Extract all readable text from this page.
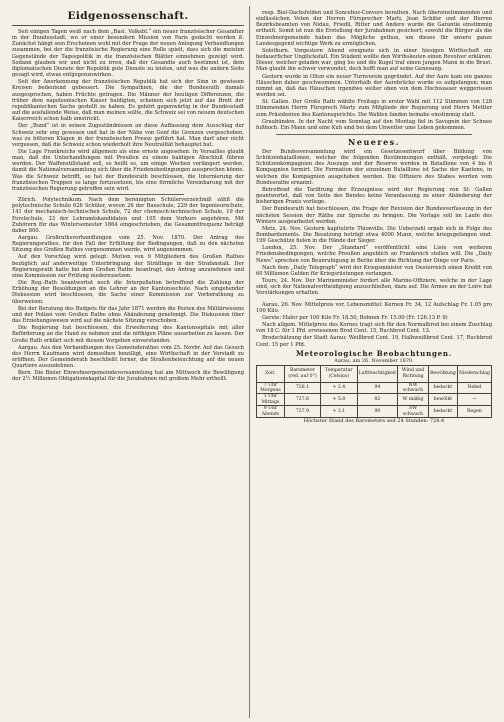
Eidgenossenschaft.

Seit einigen Tagen weiß nach dem „Basl. Volksbl.“ ein neuer französischer Gesandter in der Bundesstadt, wo er einer besondern Mission von Paris gedacht werden ß. Zunächst hängt sein Erscheinen wohl mit der Frage der neuen Anlegung Verhandlungen zusammen, bei der die französische Regierung eine Rolle spielt, dass sich die meisten Gegenstände der Tagespolitik in die französischen Blätter einnehmen gezeigt wird. Sodann glauben wir und nicht zu irren, daß der Gesandte auch bestimmt ist, dem diplomatischen Dienste der Republik gute Dienste zu leisten, und was die andern Seite gesagt wird, etwas entgegenzuwirken.

Seit der Anerkennung der französischen Republik hat sich der Sinn in gewissen Kreisen bedeutend gebessert. Die Sympathien, die der Bundesrath damals ausgesprochen, haben Früchte getragen. Die Männer der heutigen Differenzen, die früher dem napoleonischen Kaiser huldigten, scheinen sich jetzt auf das Brett der republikanischen Sache gestellt zu haben. Es gehört gegenwärtig in der Bundesstadt auf die ausfallende Weise, daß man meinen sollte, die Schweiz sei von neuem deutschen Kaiserreich schon halb umstrickt.

Der „Bund“ ist in seinen Zugeständnissen an diese Auffassung dem Ausschlag der Schweiz sehr eng gewesen und hat in der Nähe von Genf die Grenzen vorgeschoben, was zu bitteren Klagen in der französischen Presse geführt hat. Man darf aber nicht vergessen, daß die Schweiz schon wiederholt ihre Neutralität behauptet hat.

Die Lage Frankreichs wird allgemein als eine ernste angesehen. In Versailles glaubt man, daß die Unterhandlungen mit Preußen zu einem baldigen Abschluß führen werden. Der Waffenstillstand soll, so heißt es, um einige Wochen verlängert werden, damit die Nationalversammlung sich über die Friedensbedingungen aussprechen könne. Was die Schweiz betrifft, so hat der Bundesrath beschlossen, die Internierung der französischen Truppen so lange fortzusetzen, bis eine förmliche Vereinbarung mit der französischen Regierung getroffen sein wird.

Zürich. Polytechnikum. Nach dem bereinigten Schülerverzeichniß zählt die polytechnische Schule 626 Schüler, wovon 26 der Bauschule, 229 der Ingenieurschule, 141 der mechanisch-technischen Schule, 72 der chemisch-technischen Schule, 19 der Forstschule, 33 der Lehramtskandidaten und 105 dem Vorkurs angehören. Mit Zuhörern für das Wintersemester 1864 eingeschrieben, die Gesammtfrequenz beträgt daher 800.

Aargau. Großrathsverhandlungen vom 25. Nov. 1870. Der Antrag des Regierungsrathes, für den Fall der Erfüllung der Bedingungen, daß zu den nächsten Sitzung des Großen Rathes vorgenommen werde, wird angenommen.

Auf den Vorschlag wird gelegt: Motion von 9 Mitgliedern des Großen Rathes bezüglich auf anderweitige Unterbringung der Sträflinge in der Strafanstalt. Der Regierungsrath hatte bei dem Großen Rathe beantragt, den Antrag anzunehmen und eine Kommission zur Prüfung niederzusetzen.

Die Reg.-Rath beantwortet noch die Interpellation betreffend die Zahlung der Erhöhung der Besoldungen an die Lehrer an der Kantonsschule. Nach eingehender Diskussion wird beschlossen, die Sache einer Kommission zur Vorberathung zu überweisen.

Bei der Beratung des Budgets für das Jahr 1871 werden die Posten des Militärwesens und der Polizei vom Großen Rathe ohne Abänderung genehmigt. Die Diskussion über das Erziehungswesen wird auf die nächste Sitzung verschoben.

Die Regierung hat beschlossen, die Erweiterung des Kantonsspitals mit aller Beförderung an die Hand zu nehmen und die nöthigen Pläne ausarbeiten zu lassen. Der Große Rath erklärt sich mit diesem Vorgehen einverstanden.

Aargau. Aus den Verhandlungen des Gemeinderathes vom 25. Novbr. Auf das Gesuch des Herrn Kaufmann wird demselben bewilligt, eine Wirthschaft in der Vorstadt zu eröffnen. Der Gemeinderath beschließt ferner, die Straßenbeleuchtung auf die neuen Quartiere auszudehnen.

Bern. Die Bieler Einwohnergemeindeversammlung hat am Mittwoch die Bewilligung der 2½ Millionen Obligationskapital für die Jurabahnen mit großem Mehr ertheilt.

resp. Biel-Dachsfelden und Sonceboz-Convers berathen. Nach übereinstimmenden und einlässlichen Voten der Herren Fürsprecher Marti, Jean Schifer und der Herren Bezirksbeamten von Nidau, Friedli, Ritter und Andere wurde die Garantie einstimmig ertheilt. Somit ist nun die Erstellung der Jurabahnen gesichert; sowohl die Bürger als die Einwohnergemeinde haben das Mögliche gethan, um dieses für unsere ganze Landesgegend wichtige Werk zu ermöglichen.

Solothurn. Vorgestern Abend ereignete sich in einer hiesigen Wirthschaft ein bedauerlicher Unglücksfall. Ein Student wollte den Wirthsleuten einen Revolver erklären. Dieser, welcher geladen war, ging los und die Kugel traf einen jungen Mann in die Brust. Man glaubt ihn schwer verwundet, doch hofft man auf seine Genesung.

Gestern wurde in Olten ein neuer Turnverein gegründet. Auf der Aare kam ein ganzes Häuschen daher geschwommen. Unterhalb der Aarebrücke wurde es aufgefangen; man nimmt an, daß das Häuschen irgendwo weiter oben von dem Hochwasser weggerissen worden sei.

St. Gallen. Der Große Rath wählte Freitags in erster Wahl mit 112 Stimmen von 128 Stimmenden Herrn Fürsprech Marty zum Mitgliede der Regierung und Herrn Mettler zum Präsidenten des Kantonsgerichts. Die Wahlen fanden beinahe einstimmig statt.

Graubünden. In der Nacht vom Sonntag auf den Montag fiel in Savognin der Schnee fußhoch. Ein Mann und eine Kuh sind bei dem Unwetter ums Leben gekommen.

Neueres.

Der Bundesversammlung wird ein Gesetzesentwurf über Bildung von Schützenbataillonen, welcher die folgenden Bestimmungen enthält, vorgelegt: Die Schützenkompagnien des Auszugs und der Reserve werden in Bataillone von 4 bis 6 Kompagnien formirt. Die Formation der einzelnen Bataillone ist Sache der Kantone, in welchen die Kompagnien ausgehoben werden. Die Offiziere des Stabes werden vom Bundesrathe ernannt.

Betreffend die Tarifirung der Erzeugnisse wird der Regierung von St. Gallen geantwortet, daß von Seite des Bundes keine Veranlassung zu einer Abänderung der bisherigen Praxis vorliege.

Der Bundesrath hat beschlossen, die Frage der Revision der Bundesverfassung in der nächsten Session der Räthe zur Sprache zu bringen. Die Vorlage soll im Laufe des Winters ausgearbeitet werden.

Metz, 24. Nov. Gestern kapitulirte Thionville. Die Ueberzahl ergab sich in Folge des Bombardements. Die Besatzung beträgt etwa 4000 Mann, welche kriegsgefangen sind. 199 Geschütze fielen in die Hände der Sieger.

London, 25. Nov. Der „Standard“ veröffentlicht eine Liste von weiteren Friedensbedingungen, welche Preußen angeblich an Frankreich stellen will. Die „Daily News“ sprechen von Beunruhigung in Berlin über die Richtung der Dinge vor Paris.

Nach dem „Daily Telegraph“ wird der Kriegsminister von Oesterreich einen Kredit von 60 Millionen Gulden für Kriegsrüstungen verlangen.

Tours, 24. Nov. Der Marineminister fordert alle Marine-Offiziere, welche in der Lage sind, sich der Nationalvertheidigung anzuschließen, dazu auf. Die Armee an der Loire hat Verstärkungen erhalten.

Aarau, 26. Nov. Mittelpreis vor, Lebensmittel: Kernen Fr. 34, 12 Aufschlag Fr. 1.05 pro 100 Kilo.

Gerste: Hafer per 100 Kilo Fr. 18.50, Bohnen Fr. 15.00 (Fr. 126.13 P. 9)

Nach allgem. Mittelpreis des Kornes tragt sich für den Normalbrod bei einem Zuschlag von 18 C. für 1 Pfd. erwiesenen Brod Cent. 15, Ruchbrod Cent. 13.

Brodschätzung der Stadt Aarau: Weißbrod Cent. 19, Halbweißbrod Cent. 17, Ruchbrod Cent. 15 per 1 Pfd.

Meteorologische Beobachtungen.
Aarau, am 26. November 1870.
Zeit.	Barometer (red. auf 0°)	Temperatur (Celsius)	Luftfeuchtigkeit	Wind und Richtung	Bewölkung	Niederschlag
7 Uhr Morgens	728.1	+ 2.4	94	NW schwach	bedeckt	Nebel
1 Uhr Mittags	727.6	+ 5.8	82	W mäßig	bewölkt	—
9 Uhr Abends	727.9	+ 3.1	90	SW schwach	bedeckt	Regen
Höchster Stand des Barometers seit 24 Stunden: 728.4
